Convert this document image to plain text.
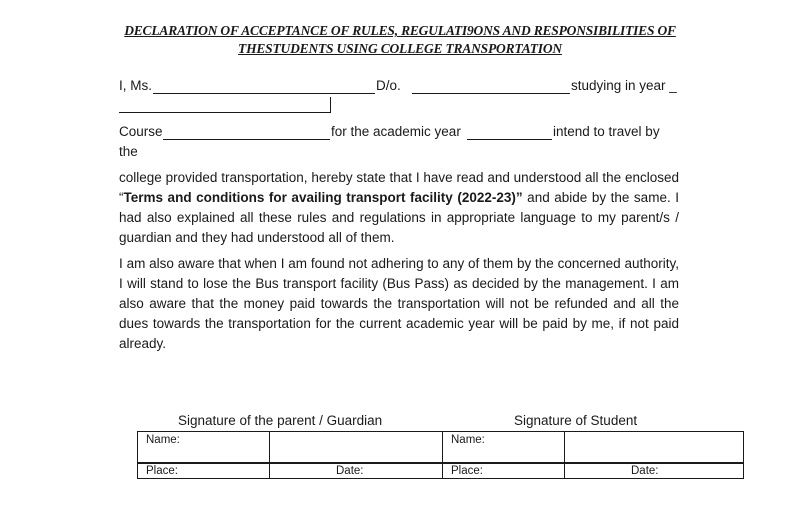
DECLARATION OF ACCEPTANCE OF RULES, REGULATI9ONS AND RESPONSIBILITIES OF
THESTUDENTS USING COLLEGE TRANSPORTATION
I, Ms.	D/o.	studying in year _
Course	for the academic year	intend to travel by
the
college provided transportation, hereby state that I have read and understood all the enclosed “Terms and conditions for availing transport facility (2022-23)” and abide by the same. I had also explained all these rules and regulations in appropriate language to my parent/s / guardian and they had understood all of them.
I am also aware that when I am found not adhering to any of them by the concerned authority, I will stand to lose the Bus transport facility (Bus Pass) as decided by the management. I am also aware that the money paid towards the transportation will not be refunded and all the dues towards the transportation for the current academic year will be paid by me, if not paid already.
Signature of the parent / Guardian	Signature of Student
Name:		Name:	
Place:	Date:	Place:	Date:
